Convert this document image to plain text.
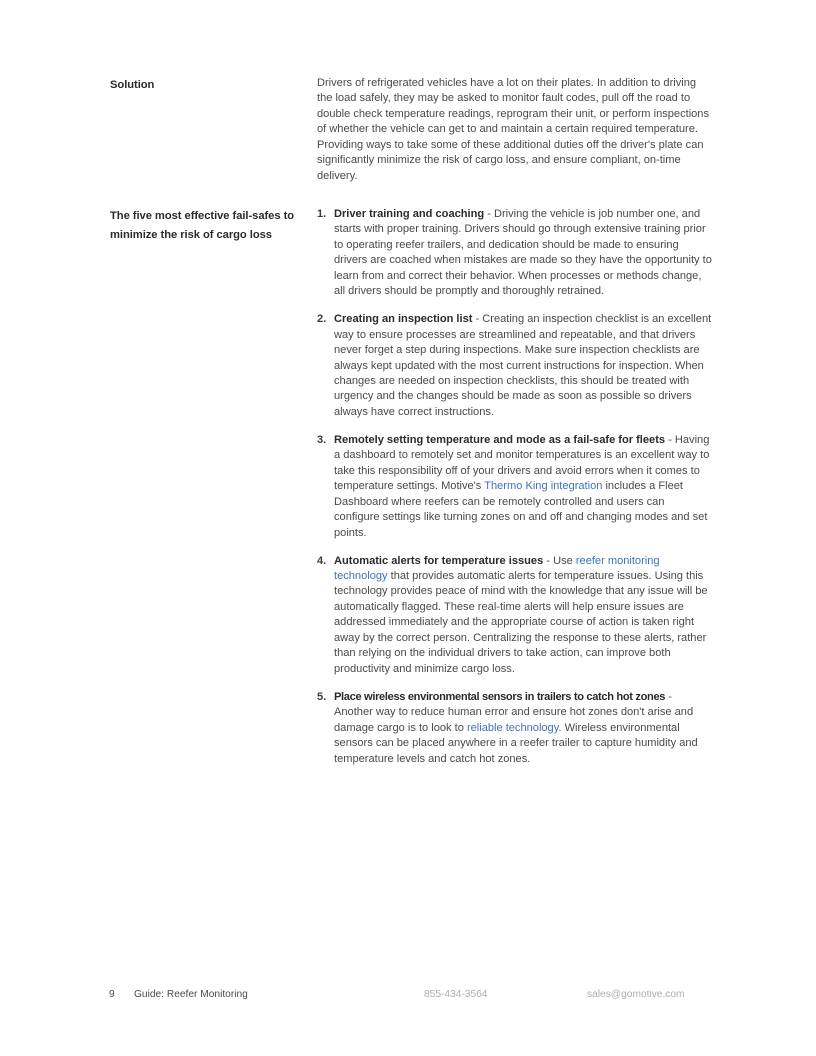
Solution	Drivers of refrigerated vehicles have a lot on their plates. In addition to driving the load safely, they may be asked to monitor fault codes, pull off the road to double check temperature readings, reprogram their unit, or perform inspections of whether the vehicle can get to and maintain a certain required temperature. Providing ways to take some of these additional duties off the driver's plate can significantly minimize the risk of cargo loss, and ensure compliant, on-time delivery.

The five most effective fail-safes to minimize the risk of cargo loss
Driver training and coaching - Driving the vehicle is job number one, and starts with proper training. Drivers should go through extensive training prior to operating reefer trailers, and dedication should be made to ensuring drivers are coached when mistakes are made so they have the opportunity to learn from and correct their behavior. When processes or methods change, all drivers should be promptly and thoroughly retrained.
Creating an inspection list - Creating an inspection checklist is an excellent way to ensure processes are streamlined and repeatable, and that drivers never forget a step during inspections. Make sure inspection checklists are always kept updated with the most current instructions for inspection. When changes are needed on inspection checklists, this should be treated with urgency and the changes should be made as soon as possible so drivers always have correct instructions.
Remotely setting temperature and mode as a fail-safe for fleets - Having a dashboard to remotely set and monitor temperatures is an excellent way to take this responsibility off of your drivers and avoid errors when it comes to temperature settings. Motive's Thermo King integration includes a Fleet Dashboard where reefers can be remotely controlled and users can configure settings like turning zones on and off and changing modes and set points.
Automatic alerts for temperature issues - Use reefer monitoring technology that provides automatic alerts for temperature issues. Using this technology provides peace of mind with the knowledge that any issue will be automatically flagged. These real-time alerts will help ensure issues are addressed immediately and the appropriate course of action is taken right away by the correct person. Centralizing the response to these alerts, rather than relying on the individual drivers to take action, can improve both productivity and minimize cargo loss.
Place wireless environmental sensors in trailers to catch hot zones - Another way to reduce human error and ensure hot zones don't arise and damage cargo is to look to reliable technology. Wireless environmental sensors can be placed anywhere in a reefer trailer to capture humidity and temperature levels and catch hot zones.
9 Guide: Reefer Monitoring	855-434-3564	sales@gomotive.com
